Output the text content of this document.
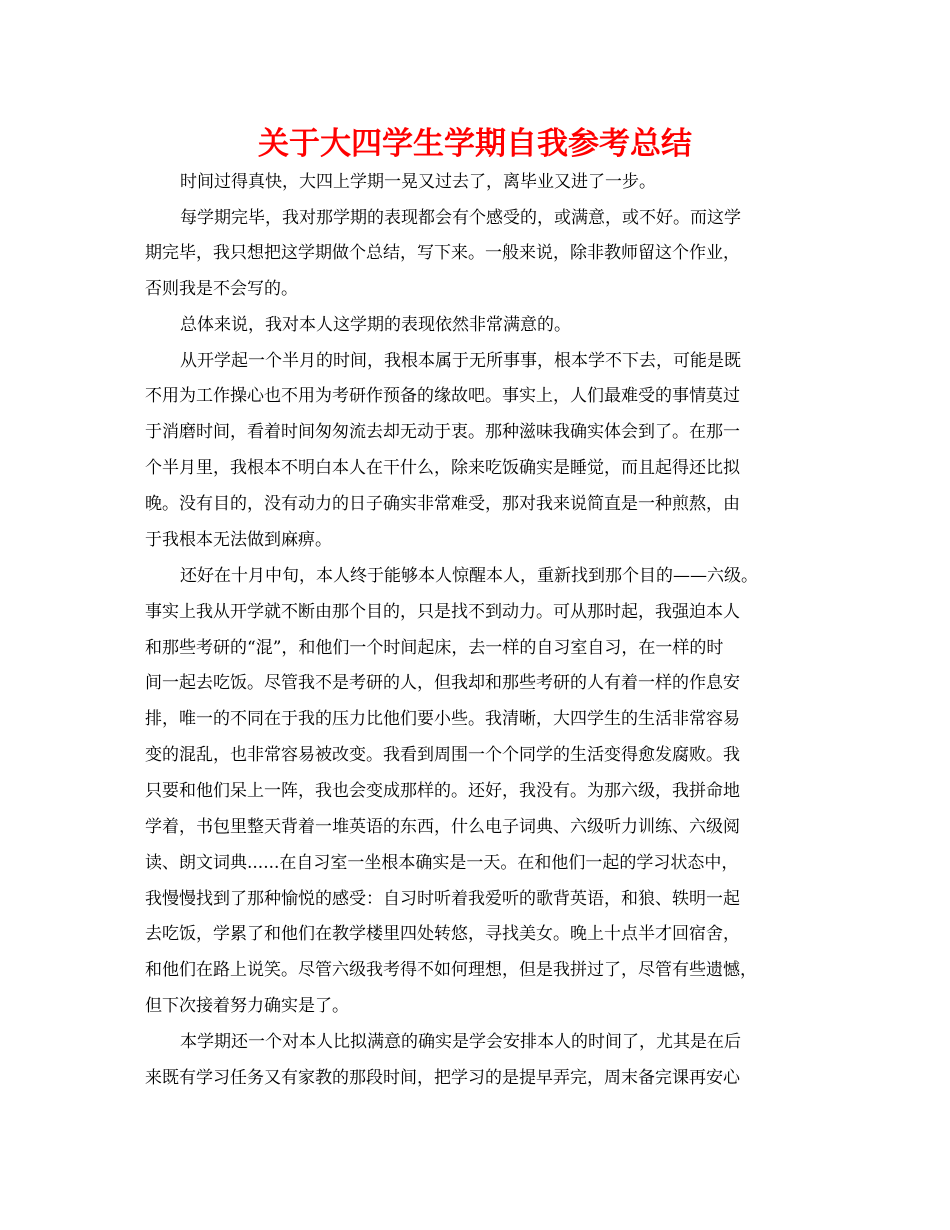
关于大四学生学期自我参考总结

时间过得真快，大四上学期一晃又过去了，离毕业又进了一步。

每学期完毕，我对那学期的表现都会有个感受的，或满意，或不好。而这学

期完毕，我只想把这学期做个总结，写下来。一般来说，除非教师留这个作业，

否则我是不会写的。

总体来说，我对本人这学期的表现依然非常满意的。

从开学起一个半月的时间，我根本属于无所事事，根本学不下去，可能是既

不用为工作操心也不用为考研作预备的缘故吧。事实上，人们最难受的事情莫过

于消磨时间，看着时间匆匆流去却无动于衷。那种滋味我确实体会到了。在那一

个半月里，我根本不明白本人在干什么，除来吃饭确实是睡觉，而且起得还比拟

晚。没有目的，没有动力的日子确实非常难受，那对我来说简直是一种煎熬，由

于我根本无法做到麻痹。

还好在十月中旬，本人终于能够本人惊醒本人，重新找到那个目的——六级。

事实上我从开学就不断由那个目的，只是找不到动力。可从那时起，我强迫本人

和那些考研的“混”，和他们一个时间起床，去一样的自习室自习，在一样的时

间一起去吃饭。尽管我不是考研的人，但我却和那些考研的人有着一样的作息安

排，唯一的不同在于我的压力比他们要小些。我清晰，大四学生的生活非常容易

变的混乱，也非常容易被改变。我看到周围一个个同学的生活变得愈发腐败。我

只要和他们呆上一阵，我也会变成那样的。还好，我没有。为那六级，我拼命地

学着，书包里整天背着一堆英语的东西，什么电子词典、六级听力训练、六级阅

读、朗文词典......在自习室一坐根本确实是一天。在和他们一起的学习状态中，

我慢慢找到了那种愉悦的感受：自习时听着我爱听的歌背英语，和狼、轶明一起

去吃饭，学累了和他们在教学楼里四处转悠，寻找美女。晚上十点半才回宿舍，

和他们在路上说笑。尽管六级我考得不如何理想，但是我拼过了，尽管有些遗憾，

但下次接着努力确实是了。

本学期还一个对本人比拟满意的确实是学会安排本人的时间了，尤其是在后

来既有学习任务又有家教的那段时间，把学习的是提早弄完，周末备完课再安心
